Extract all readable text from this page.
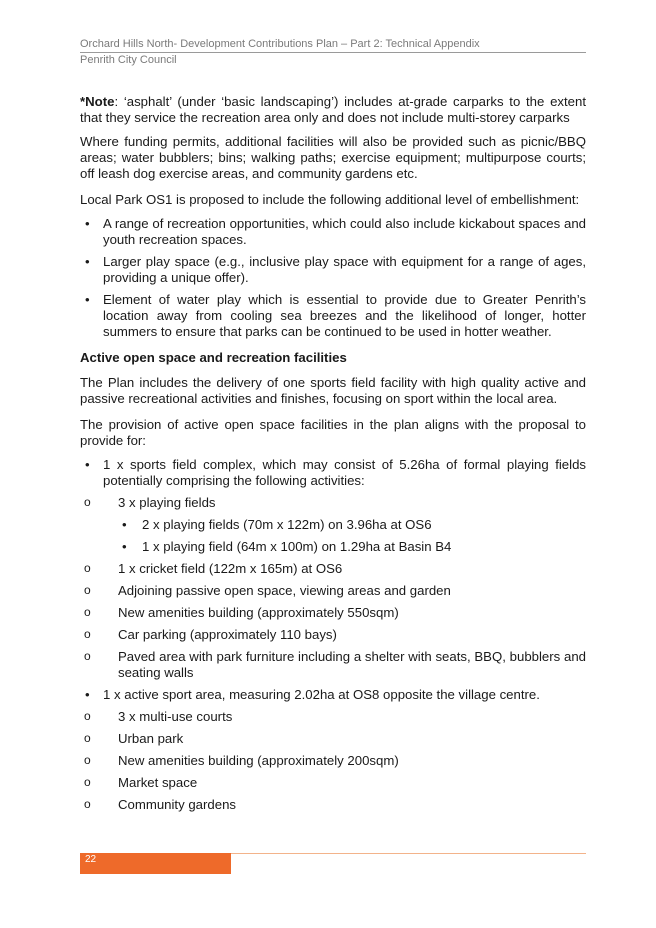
Orchard Hills North- Development Contributions Plan – Part 2: Technical Appendix
Penrith City Council

*Note: ‘asphalt’ (under ‘basic landscaping’) includes at-grade carparks to the extent that they service the recreation area only and does not include multi-storey carparks

Where funding permits, additional facilities will also be provided such as picnic/BBQ areas; water bubblers; bins; walking paths; exercise equipment; multipurpose courts; off leash dog exercise areas, and community gardens etc.

Local Park OS1 is proposed to include the following additional level of embellishment:

• A range of recreation opportunities, which could also include kickabout spaces and youth recreation spaces.
• Larger play space (e.g., inclusive play space with equipment for a range of ages, providing a unique offer).
• Element of water play which is essential to provide due to Greater Penrith’s location away from cooling sea breezes and the likelihood of longer, hotter summers to ensure that parks can be continued to be used in hotter weather.
Active open space and recreation facilities

The Plan includes the delivery of one sports field facility with high quality active and passive recreational activities and finishes, focusing on sport within the local area.

The provision of active open space facilities in the plan aligns with the proposal to provide for:

• 1 x sports field complex, which may consist of 5.26ha of formal playing fields potentially comprising the following activities:
o 3 x playing fields
• 2 x playing fields (70m x 122m) on 3.96ha at OS6
• 1 x playing field (64m x 100m) on 1.29ha at Basin B4
o 1 x cricket field (122m x 165m) at OS6
o Adjoining passive open space, viewing areas and garden
o New amenities building (approximately 550sqm)
o Car parking (approximately 110 bays)
o Paved area with park furniture including a shelter with seats, BBQ, bubblers and seating walls
• 1 x active sport area, measuring 2.02ha at OS8 opposite the village centre.
o 3 x multi-use courts
o Urban park
o New amenities building (approximately 200sqm)
o Market space
o Community gardens
22
